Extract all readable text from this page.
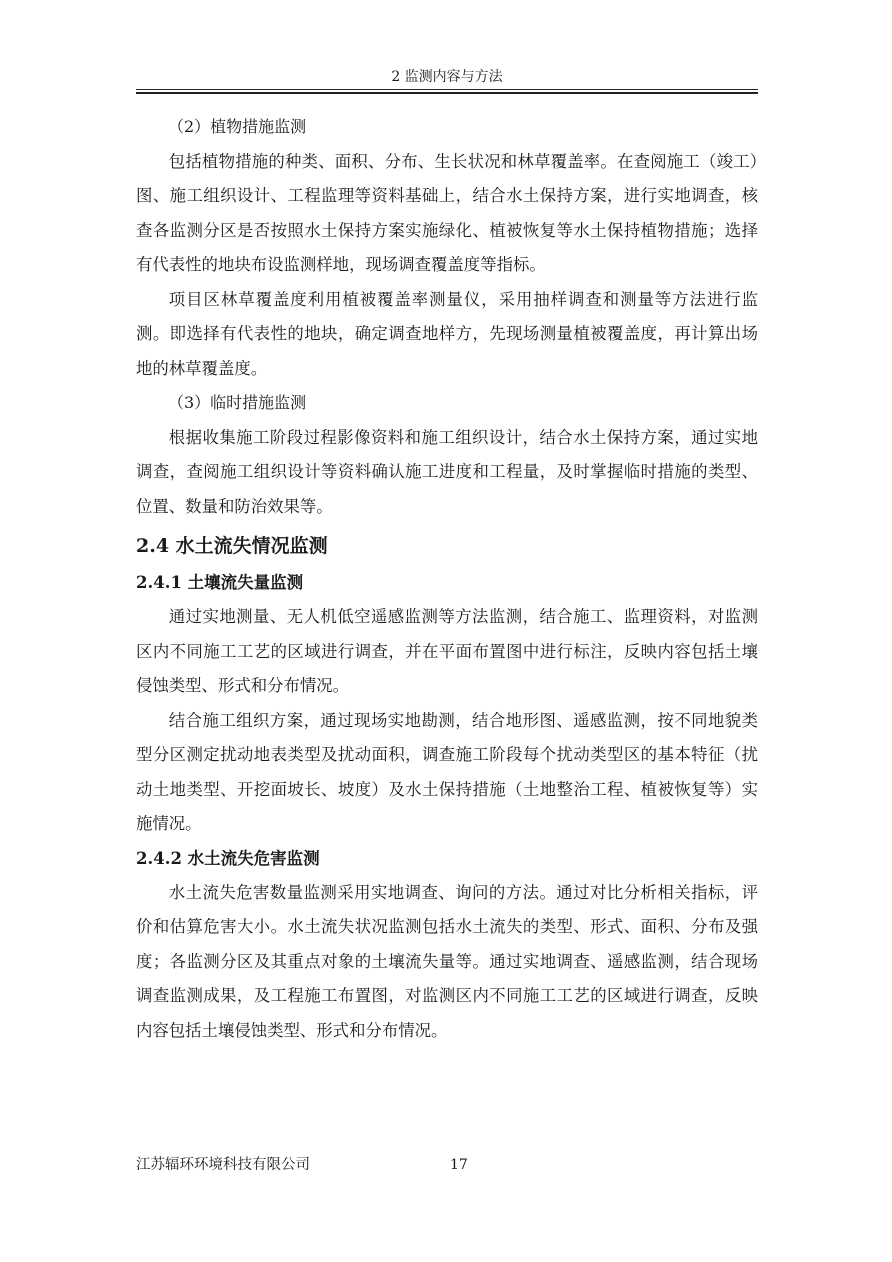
2 监测内容与方法

（2）植物措施监测

包括植物措施的种类、面积、分布、生长状况和林草覆盖率。在查阅施工（竣工）图、施工组织设计、工程监理等资料基础上，结合水土保持方案，进行实地调查，核查各监测分区是否按照水土保持方案实施绿化、植被恢复等水土保持植物措施；选择有代表性的地块布设监测样地，现场调查覆盖度等指标。

项目区林草覆盖度利用植被覆盖率测量仪，采用抽样调查和测量等方法进行监测。即选择有代表性的地块，确定调查地样方，先现场测量植被覆盖度，再计算出场地的林草覆盖度。

（3）临时措施监测

根据收集施工阶段过程影像资料和施工组织设计，结合水土保持方案，通过实地调查，查阅施工组织设计等资料确认施工进度和工程量，及时掌握临时措施的类型、位置、数量和防治效果等。

2.4 水土流失情况监测
2.4.1 土壤流失量监测

通过实地测量、无人机低空遥感监测等方法监测，结合施工、监理资料，对监测区内不同施工工艺的区域进行调查，并在平面布置图中进行标注，反映内容包括土壤侵蚀类型、形式和分布情况。

结合施工组织方案，通过现场实地勘测，结合地形图、遥感监测，按不同地貌类型分区测定扰动地表类型及扰动面积，调查施工阶段每个扰动类型区的基本特征（扰动土地类型、开挖面坡长、坡度）及水土保持措施（土地整治工程、植被恢复等）实施情况。

2.4.2 水土流失危害监测

水土流失危害数量监测采用实地调查、询问的方法。通过对比分析相关指标，评价和估算危害大小。水土流失状况监测包括水土流失的类型、形式、面积、分布及强度；各监测分区及其重点对象的土壤流失量等。通过实地调查、遥感监测，结合现场调查监测成果，及工程施工布置图，对监测区内不同施工工艺的区域进行调查，反映内容包括土壤侵蚀类型、形式和分布情况。

江苏辐环环境科技有限公司	17
